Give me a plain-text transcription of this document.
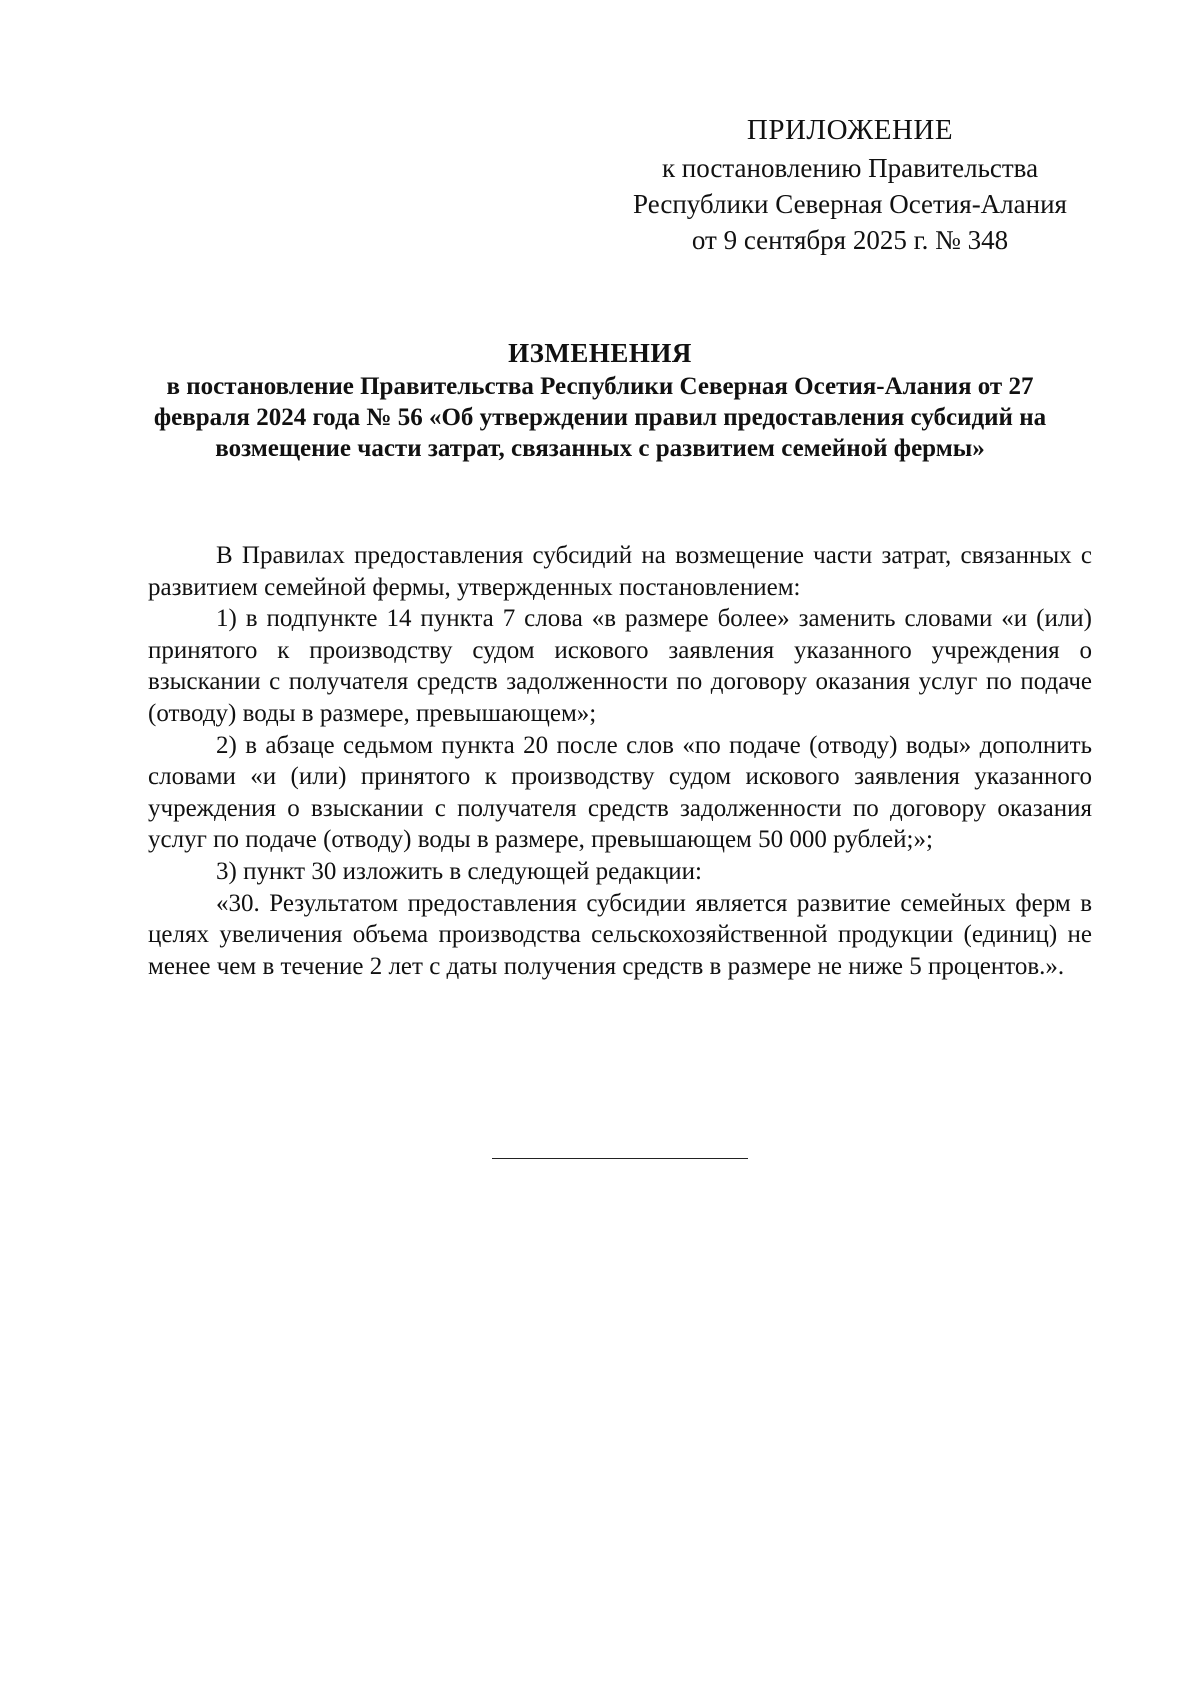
ПРИЛОЖЕНИЕ
к постановлению Правительства
Республики Северная Осетия-Алания
от 9 сентября 2025 г. № 348
ИЗМЕНЕНИЯ
в постановление Правительства Республики Северная Осетия-Алания от 27 февраля 2024 года № 56 «Об утверждении правил предоставления субсидий на возмещение части затрат, связанных с развитием семейной фермы»

В Правилах предоставления субсидий на возмещение части затрат, связанных с развитием семейной фермы, утвержденных постановлением:

1) в подпункте 14 пункта 7 слова «в размере более» заменить словами «и (или) принятого к производству судом искового заявления указанного учреждения о взыскании с получателя средств задолженности по договору оказания услуг по подаче (отводу) воды в размере, превышающем»;

2) в абзаце седьмом пункта 20 после слов «по подаче (отводу) воды» дополнить словами «и (или) принятого к производству судом искового заявления указанного учреждения о взыскании с получателя средств задолженности по договору оказания услуг по подаче (отводу) воды в размере, превышающем 50 000 рублей;»;

3) пункт 30 изложить в следующей редакции:

«30. Результатом предоставления субсидии является развитие семейных ферм в целях увеличения объема производства сельскохозяйственной продукции (единиц) не менее чем в течение 2 лет с даты получения средств в размере не ниже 5 процентов.».
